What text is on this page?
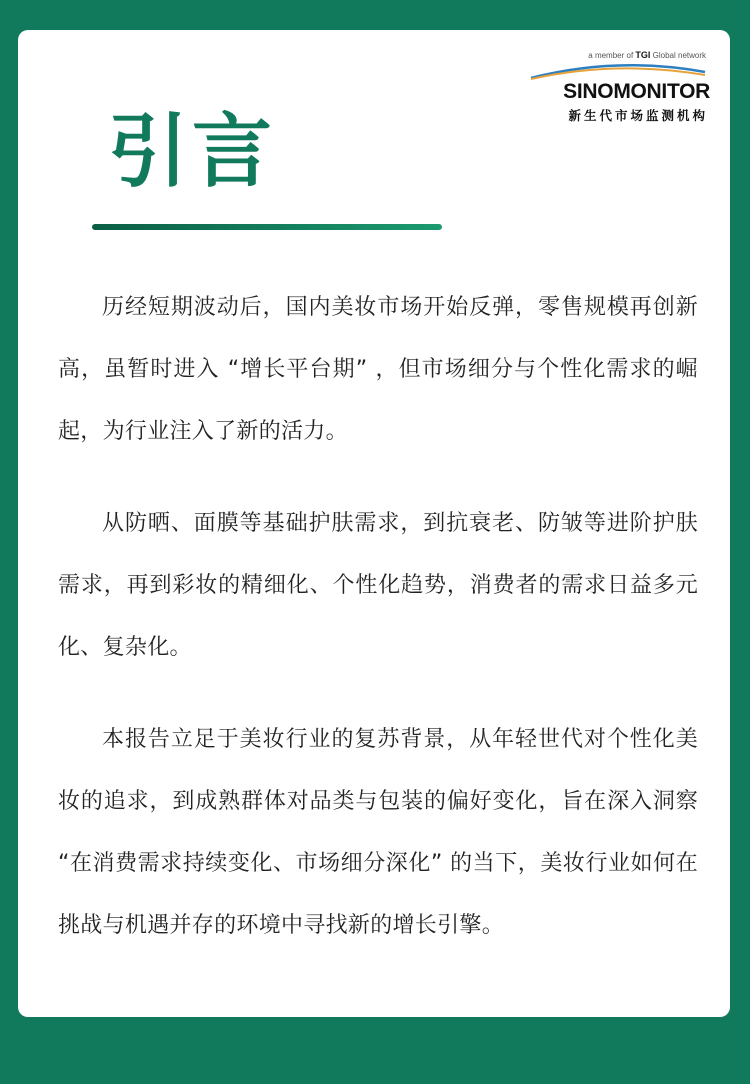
a member of TGI Global network
SINOMONITOR
新生代市场监测机构
引言

历经短期波动后，国内美妆市场开始反弹，零售规模再创新高，虽暂时进入 “增长平台期” ，但市场细分与个性化需求的崛起，为行业注入了新的活力。

从防晒、面膜等基础护肤需求，到抗衰老、防皱等进阶护肤需求，再到彩妆的精细化、个性化趋势，消费者的需求日益多元化、复杂化。

本报告立足于美妆行业的复苏背景，从年轻世代对个性化美妆的追求，到成熟群体对品类与包装的偏好变化，旨在深入洞察 “在消费需求持续变化、市场细分深化” 的当下，美妆行业如何在挑战与机遇并存的环境中寻找新的增长引擎。
